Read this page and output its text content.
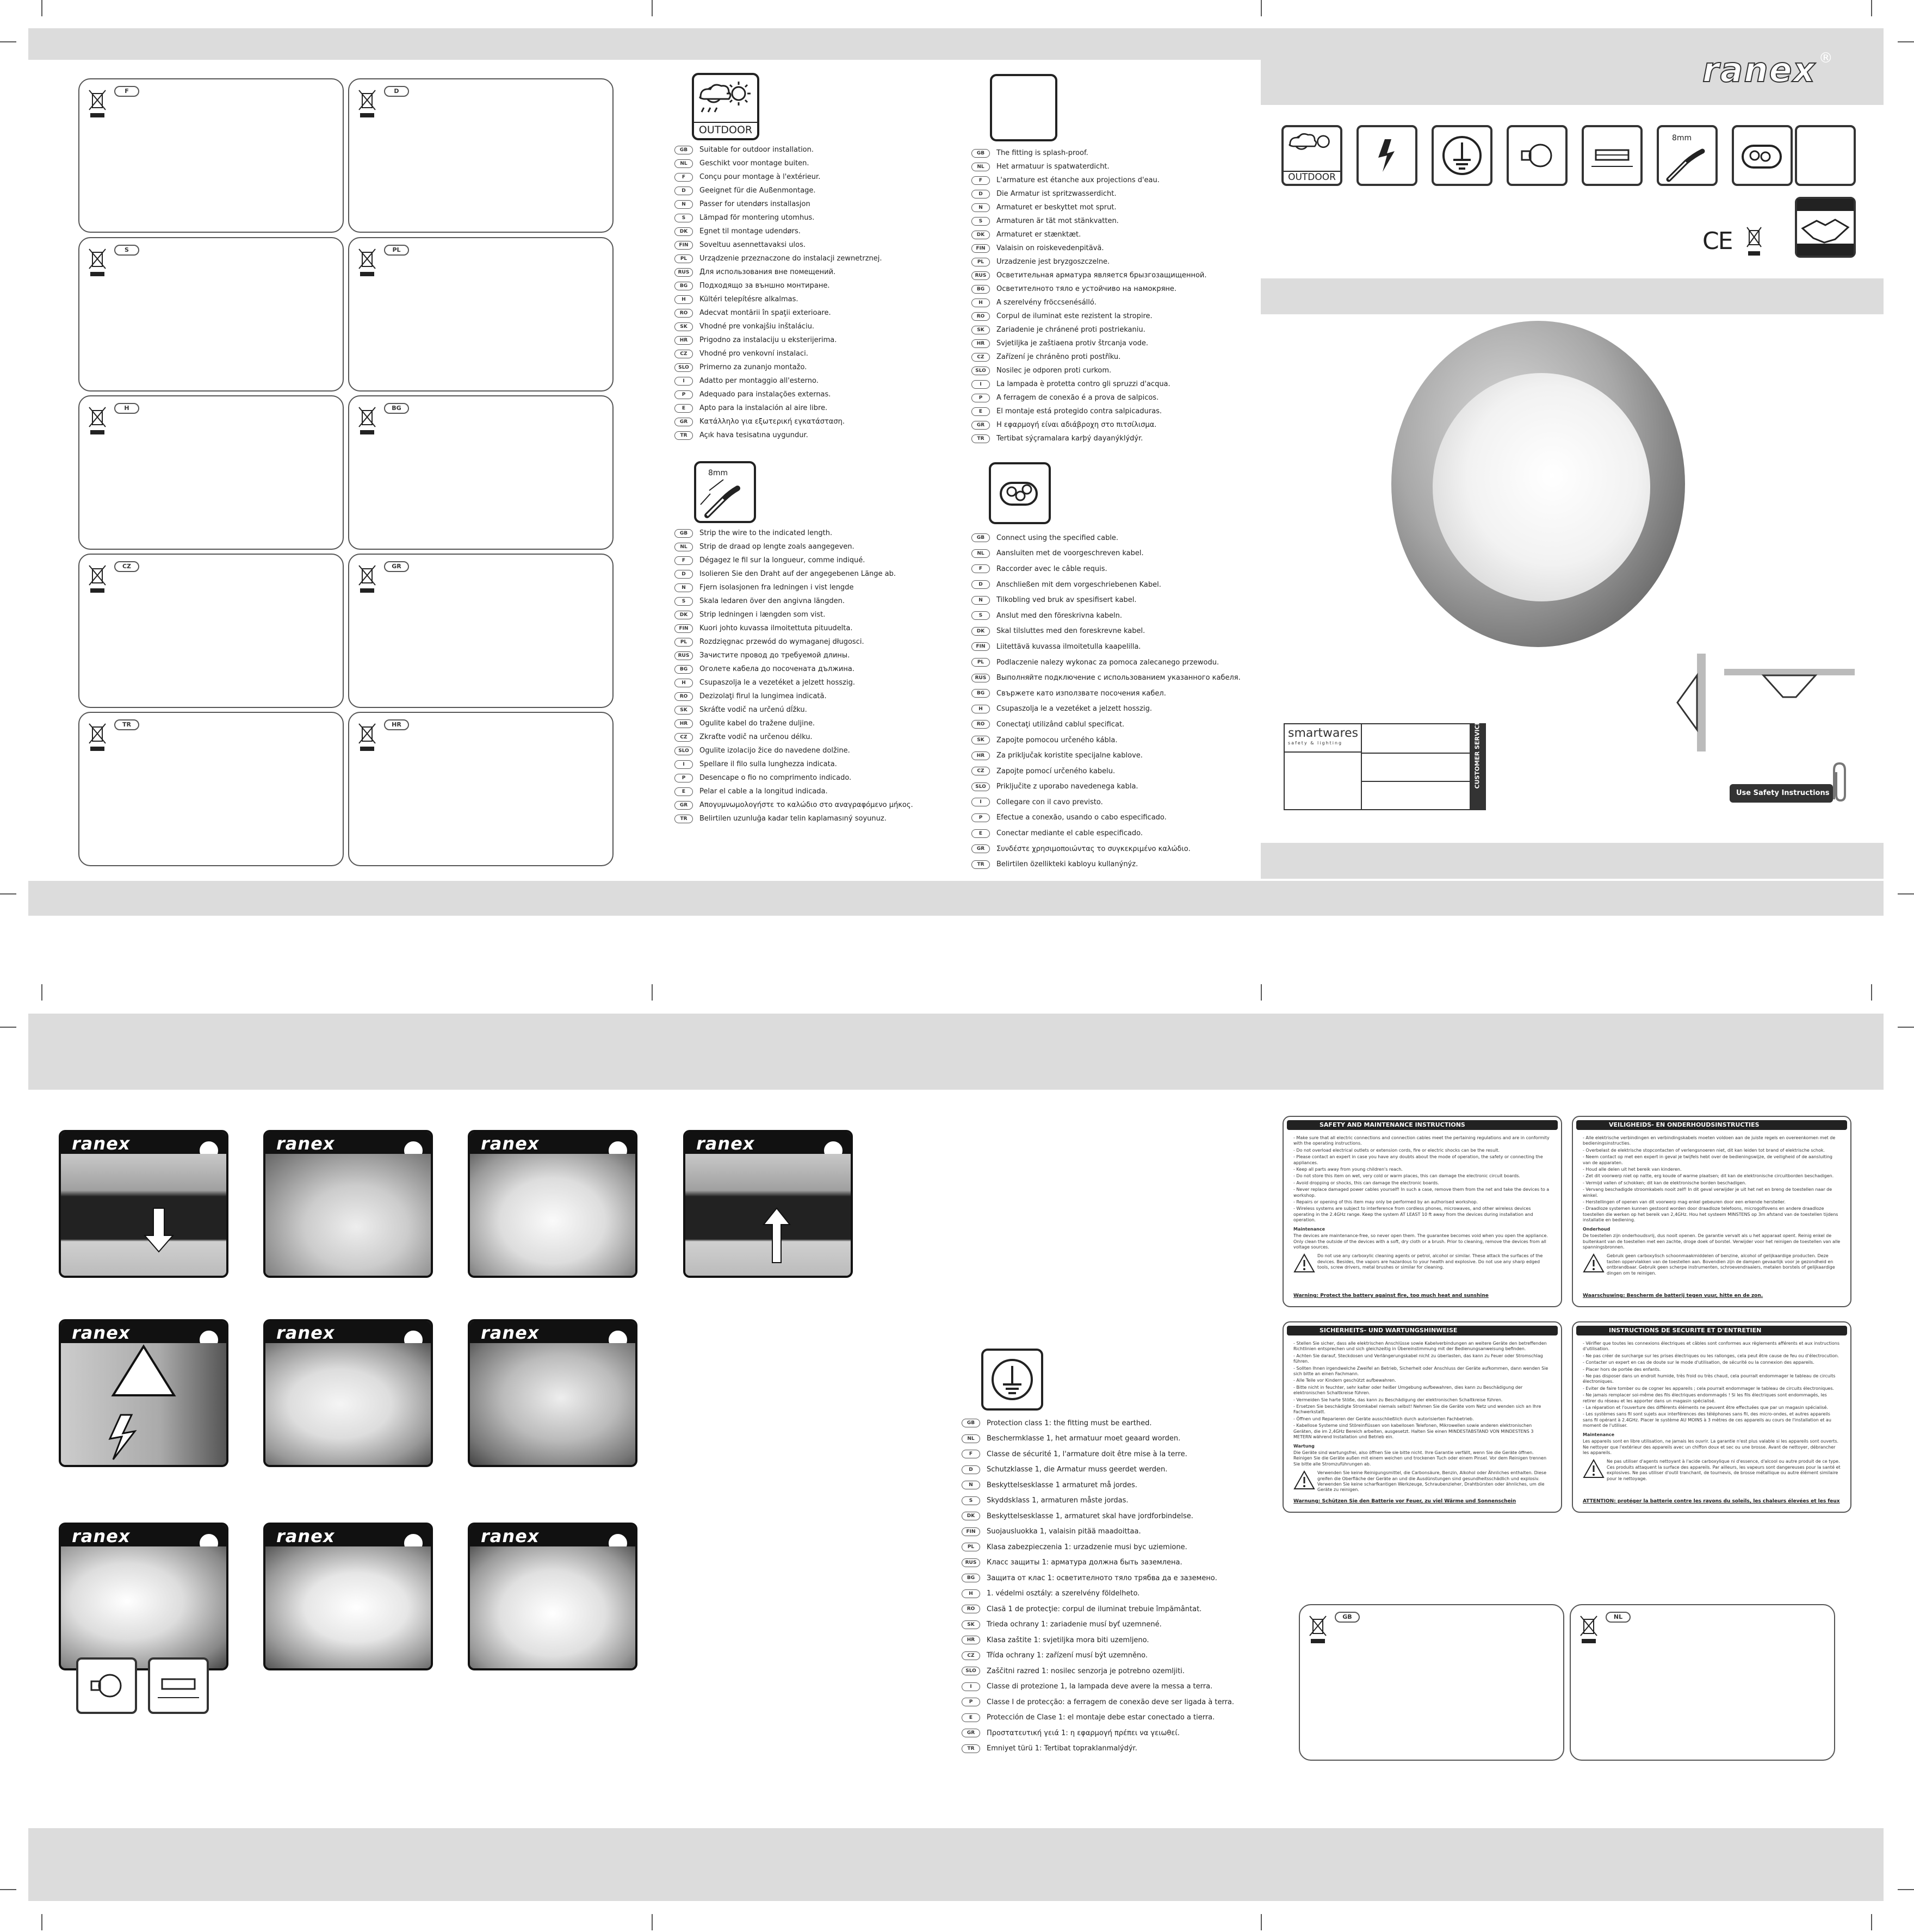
F	D
S	PL
H	BG
CZ	GR
TR	HR
OUTDOOR
GB	Suitable for outdoor installation.
NL	Geschikt voor montage buiten.
F	Conçu pour montage à l'extérieur.
D	Geeignet für die Außenmontage.
N	Passer for utendørs installasjon
S	Lämpad för montering utomhus.
DK	Egnet til montage udendørs.
FIN	Soveltuu asennettavaksi ulos.
PL	Urządzenie przeznaczone do instalacji zewnetrznej.
RUS	Для использования вне помещений.
BG	Подходящо за външно монтиране.
H	Kültéri telepítésre alkalmas.
RO	Adecvat montării în spaţii exterioare.
SK	Vhodné pre vonkajšiu inštaláciu.
HR	Prigodno za instalaciju u eksterijerima.
CZ	Vhodné pro venkovní instalaci.
SLO	Primerno za zunanjo montažo.
I	Adatto per montaggio all'esterno.
P	Adequado para instalações externas.
E	Apto para la instalación al aire libre.
GR	Κατάλληλο για εξωτερική εγκατάσταση.
TR	Açık hava tesisatına uygundur.
8mm
GB	Strip the wire to the indicated length.
NL	Strip de draad op lengte zoals aangegeven.
F	Dégagez le fil sur la longueur, comme indiqué.
D	Isolieren Sie den Draht auf der angegebenen Länge ab.
N	Fjern isolasjonen fra ledningen i vist lengde
S	Skala ledaren över den angivna längden.
DK	Strip ledningen i længden som vist.
FIN	Kuori johto kuvassa ilmoitettuta pituudelta.
PL	Rozdzięgnac przewód do wymaganej długosci.
RUS	Зачистите провод до требуемой длины.
BG	Оголете кабела до посочената дължина.
H	Csupaszolja le a vezetéket a jelzett hosszig.
RO	Dezizolaţi firul la lungimea indicată.
SK	Skráťte vodič na určenú dĺžku.
HR	Ogulite kabel do tražene duljine.
CZ	Zkraťte vodič na určenou délku.
SLO	Ogulite izolacijo žice do navedene dolžine.
I	Spellare il filo sulla lunghezza indicata.
P	Desencape o fio no comprimento indicado.
E	Pelar el cable a la longitud indicada.
GR	Απογυμνωμολογήστε το καλώδιο στο αναγραφόμενο μήκος.
TR	Belirtilen uzunluğa kadar telin kaplamasıný soyunuz.
GB	The fitting is splash-proof.
NL	Het armatuur is spatwaterdicht.
F	L'armature est étanche aux projections d'eau.
D	Die Armatur ist spritzwasserdicht.
N	Armaturet er beskyttet mot sprut.
S	Armaturen är tät mot stänkvatten.
DK	Armaturet er stænktæt.
FIN	Valaisin on roiskevedenpitävä.
PL	Urzadzenie jest bryzgoszczelne.
RUS	Осветительная арматура является брызгозащищенной.
BG	Осветителното тяло е устойчиво на намокряне.
H	A szerelvény fröccsenésálló.
RO	Corpul de iluminat este rezistent la stropire.
SK	Zariadenie je chránené proti postriekaniu.
HR	Svjetiljka je zaštiaena protiv štrcanja vode.
CZ	Zařízení je chráněno proti postříku.
SLO	Nosilec je odporen proti curkom.
I	La lampada è protetta contro gli spruzzi d'acqua.
P	A ferragem de conexão é a prova de salpicos.
E	El montaje está protegido contra salpicaduras.
GR	Η εφαρμογή είναι αδιάβροχη στο πιτσίλισμα.
TR	Tertibat sýçramalara karþý dayanýklýdýr.
GB	Connect using the specified cable.
NL	Aansluiten met de voorgeschreven kabel.
F	Raccorder avec le câble requis.
D	Anschließen mit dem vorgeschriebenen Kabel.
N	Tilkobling ved bruk av spesifisert kabel.
S	Anslut med den föreskrivna kabeln.
DK	Skal tilsluttes med den foreskrevne kabel.
FIN	Liitettävä kuvassa ilmoitetulla kaapelilla.
PL	Podlaczenie nalezy wykonac za pomoca zalecanego przewodu.
RUS	Выполняйте подключение с использованием указанного кабеля.
BG	Свържете като използвате посочения кабел.
H	Csupaszolja le a vezetéket a jelzett hosszig.
RO	Conectaţi utilizând cablul specificat.
SK	Zapojte pomocou určeného kábla.
HR	Za priključak koristite specijalne kablove.
CZ	Zapojte pomocí určeného kabelu.
SLO	Priključite z uporabo navedenega kabla.
I	Collegare con il cavo previsto.
P	Efectue a conexão, usando o cabo especificado.
E	Conectar mediante el cable especificado.
GR	Συνδέστε χρησιμοποιώντας το συγκεκριμένο καλώδιο.
TR	Belirtilen özellikteki kabloyu kullanýnýz.
ranex ®
OUTDOOR
8mm
CE
smartwares
safety & lighting	CUSTOMER SERVICE
Use Safety Instructions
ranex	ranex	ranex	ranex
ranex	ranex	ranex
ranex	ranex	ranex
GB	Protection class 1: the fitting must be earthed.
NL	Beschermklasse 1, het armatuur moet geaard worden.
F	Classe de sécurité 1, l'armature doit être mise à la terre.
D	Schutzklasse 1, die Armatur muss geerdet werden.
N	Beskyttelsesklasse 1 armaturet må jordes.
S	Skyddsklass 1, armaturen måste jordas.
DK	Beskyttelsesklasse 1, armaturet skal have jordforbindelse.
FIN	Suojausluokka 1, valaisin pitää maadoittaa.
PL	Klasa zabezpieczenia 1: urzadzenie musi byc uziemione.
RUS	Класс защиты 1: арматура должна быть заземлена.
BG	Защита от клас 1: осветителното тяло трябва да е заземено.
H	1. védelmi osztály: a szerelvény földelheto.
RO	Clasă 1 de protecţie: corpul de iluminat trebuie împământat.
SK	Trieda ochrany 1: zariadenie musí byť uzemnené.
HR	Klasa zaštite 1: svjetiljka mora biti uzemljeno.
CZ	Třída ochrany 1: zařízení musí být uzemněno.
SLO	Zaščitni razred 1: nosilec senzorja je potrebno ozemljiti.
I	Classe di protezione 1, la lampada deve avere la messa a terra.
P	Classe I de protecção: a ferragem de conexão deve ser ligada à terra.
E	Protección de Clase 1: el montaje debe estar conectado a tierra.
GR	Προστατευτική γειά 1: η εφαρμογή πρέπει να γειωθεί.
TR	Emniyet türü 1: Tertibat topraklanmalýdýr.
SAFETY AND MAINTENANCE INSTRUCTIONS

- Make sure that all electric connections and connection cables meet the pertaining regulations and are in conformity with the operating instructions.

- Do not overload electrical outlets or extension cords, fire or electric shocks can be the result.

- Please contact an expert in case you have any doubts about the mode of operation, the safety or connecting the appliances.

- Keep all parts away from young children's reach.

- Do not store this item on wet, very cold or warm places, this can damage the electronic circuit boards.

- Avoid dropping or shocks, this can damage the electronic boards.

- Never replace damaged power cables yourself! In such a case, remove them from the net and take the devices to a workshop.

- Repairs or opening of this item may only be performed by an authorised workshop.

- Wireless systems are subject to interference from cordless phones, microwaves, and other wireless devices operating in the 2.4GHz range. Keep the system AT LEAST 10 ft away from the devices during installation and operation.

Maintenance

The devices are maintenance-free, so never open them. The guarantee becomes void when you open the appliance. Only clean the outside of the devices with a soft, dry cloth or a brush. Prior to cleaning, remove the devices from all voltage sources.

Do not use any carboxylic cleaning agents or petrol, alcohol or similar. These attack the surfaces of the devices. Besides, the vapors are hazardous to your health and explosive. Do not use any sharp edged tools, screw drivers, metal brushes or similar for cleaning.

Warning: Protect the battery against fire, too much heat and sunshine
VEILIGHEIDS- EN ONDERHOUDSINSTRUCTIES

- Alle elektrische verbindingen en verbindingskabels moeten voldoen aan de juiste regels en overeenkomen met de bedieningsinstructies.

- Overbelast de elektrische stopcontacten of verlengsnoeren niet, dit kan leiden tot brand of elektrische schok.

- Neem contact op met een expert in geval je twijfels hebt over de bedieningswijze, de veiligheid of de aansluiting van de apparaten.

- Houd alle delen uit het bereik van kinderen.

- Zet dit voorwerp niet op natte, erg koude of warme plaatsen; dit kan de elektronische circuitborden beschadigen.

- Vermijd vallen of schokken; dit kan de elektronische borden beschadigen.

- Vervang beschadigde stroomkabels nooit zelf! In dit geval verwijder je uit het net en breng de toestellen naar de winkel.

- Herstellingen of openen van dit voorwerp mag enkel gebeuren door een erkende hersteller.

- Draadloze systemen kunnen gestoord worden door draadloze telefoons, microgolfovens en andere draadloze toestellen die werken op het bereik van 2,4GHz. Hou het systeem MINSTENS op 3m afstand van de toestellen tijdens installatie en bediening.

Onderhoud

De toestellen zijn onderhoudsvrij, dus nooit openen. De garantie vervalt als u het apparaat opent. Reinig enkel de buitenkant van de toestellen met een zachte, droge doek of borstel. Verwijder voor het reinigen de toestellen van alle spanningsbronnen.

Gebruik geen carboxylisch schoonmaakmiddelen of benzine, alcohol of gelijkaardige producten. Deze tasten oppervlakken van de toestellen aan. Bovendien zijn de dampen gevaarlijk voor je gezondheid en ontbrandbaar. Gebruik geen scherpe instrumenten, schroevendraaiers, metalen borstels of gelijkaardige dingen om te reinigen.

Waarschuwing: Bescherm de batterij tegen vuur, hitte en de zon.
SICHERHEITS- UND WARTUNGSHINWEISE

- Stellen Sie sicher, dass alle elektrischen Anschlüsse sowie Kabelverbindungen an weitere Geräte den betreffenden Richtlinien entsprechen und sich gleichzeitig in Übereinstimmung mit der Bedienungsanweisung befinden.

- Achten Sie darauf, Steckdosen und Verlängerungskabel nicht zu überlasten, das kann zu Feuer oder Stromschlag führen.

- Sollten Ihnen irgendwelche Zweifel an Betrieb, Sicherheit oder Anschluss der Geräte aufkommen, dann wenden Sie sich bitte an einen Fachmann.

- Alle Teile vor Kindern geschützt aufbewahren.

- Bitte nicht in feuchter, sehr kalter oder heißer Umgebung aufbewahren, dies kann zu Beschädigung der elektronischen Schaltkreise führen.

- Vermeiden Sie harte Stöße, das kann zu Beschädigung der elektronischen Schaltkreise führen.

- Ersetzen Sie beschädigte Stromkabel niemals selbst! Nehmen Sie die Geräte vom Netz und wenden sich an Ihre Fachwerkstatt.

- Öffnen und Reparieren der Geräte ausschließlich durch autorisierten Fachbetrieb.

- Kabellose Systeme sind Störeinflüssen von kabellosen Telefonen, Mikrowellen sowie anderen elektronischen Geräten, die im 2,4GHz Bereich arbeiten, ausgesetzt. Halten Sie einen MINDESTABSTAND VON MINDESTENS 3 METERN während Installation und Betrieb ein.

Wartung

Die Geräte sind wartungsfrei, also öffnen Sie sie bitte nicht. Ihre Garantie verfällt, wenn Sie die Geräte öffnen. Reinigen Sie die Geräte außen mit einem weichen und trockenen Tuch oder einem Pinsel. Vor dem Reinigen trennen Sie bitte alle Stromzuführungen ab.

Verwenden Sie keine Reinigungsmittel, die Carbonsäure, Benzin, Alkohol oder Ähnliches enthalten. Diese greifen die Oberfläche der Geräte an und die Ausdünstungen sind gesundheitsschädlich und explosiv. Verwenden Sie keine scharfkantigen Werkzeuge, Schraubenzieher, Drahtbürsten oder ähnliches, um die Geräte zu reinigen.

Warnung: Schützen Sie den Batterie vor Feuer, zu viel Wärme und Sonnenschein
INSTRUCTIONS DE SECURITE ET D'ENTRETIEN

- Vérifier que toutes les connexions électriques et câbles sont conformes aux règlements afférents et aux instructions d'utilisation.

- Ne pas créer de surcharge sur les prises électriques ou les rallonges, cela peut être cause de feu ou d'électrocution.

- Contacter un expert en cas de doute sur le mode d'utilisation, de sécurité ou la connexion des appareils.

- Placer hors de portée des enfants.

- Ne pas disposer dans un endroit humide, très froid ou très chaud, cela pourrait endommager le tableau de circuits électroniques.

- Eviter de faire tomber ou de cogner les appareils ; cela pourrait endommager le tableau de circuits électroniques.

- Ne jamais remplacer soi-même des fils électriques endommagés ! Si les fils électriques sont endommagés, les retirer du réseau et les apporter dans un magasin spécialisé.

- La réparation et l'ouverture des différents éléments ne peuvent être effectuées que par un magasin spécialisé.

- Les systèmes sans fil sont sujets aux interférences des téléphones sans fil, des micro-ondes, et autres appareils sans fil opérant à 2.4GHz. Placer le système AU MOINS à 3 mètres de ces appareils au cours de l'installation et au moment de l'utiliser.

Maintenance

Les appareils sont en libre utilisation, ne jamais les ouvrir. La garantie n'est plus valable si les appareils sont ouverts. Ne nettoyer que l'extérieur des appareils avec un chiffon doux et sec ou une brosse. Avant de nettoyer, débrancher les appareils.

Ne pas utiliser d'agents nettoyant à l'acide carboxylique ni d'essence, d'alcool ou autre produit de ce type. Ces produits attaquent la surface des appareils. Par ailleurs, les vapeurs sont dangereuses pour la santé et explosives. Ne pas utiliser d'outil tranchant, de tournevis, de brosse métallique ou autre élément similaire pour le nettoyage.

ATTENTION: protéger la batterie contre les rayons du soleils, les chaleurs élevées et les feux
GB	NL
